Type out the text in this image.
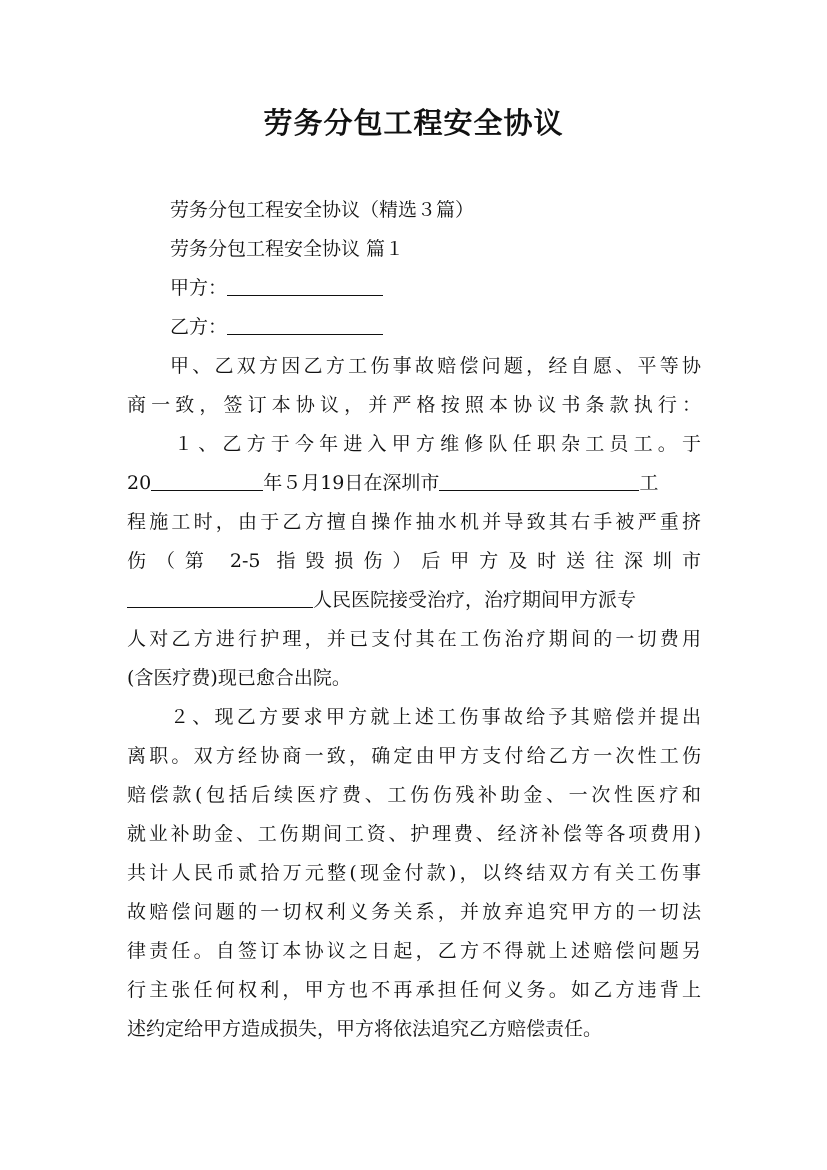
劳务分包工程安全协议
劳务分包工程安全协议（精选３篇）
劳务分包工程安全协议 篇１
甲方：
乙方：
甲、乙双方因乙方工伤事故赔偿问题，经自愿、平等协
商一致，签订本协议，并严格按照本协议书条款执行：
１、乙方于今年进入甲方维修队任职杂工员工。于
20	年５月19日在深圳市	工
程施工时，由于乙方擅自操作抽水机并导致其右手被严重挤
伤（第 2-5 指毁损伤）后甲方及时送往深圳市
人民医院接受治疗，治疗期间甲方派专
人对乙方进行护理，并已支付其在工伤治疗期间的一切费用
(含医疗费)现已愈合出院。
２、现乙方要求甲方就上述工伤事故给予其赔偿并提出
离职。双方经协商一致，确定由甲方支付给乙方一次性工伤
赔偿款(包括后续医疗费、工伤伤残补助金、一次性医疗和
就业补助金、工伤期间工资、护理费、经济补偿等各项费用)
共计人民币贰拾万元整(现金付款)，以终结双方有关工伤事
故赔偿问题的一切权利义务关系，并放弃追究甲方的一切法
律责任。自签订本协议之日起，乙方不得就上述赔偿问题另
行主张任何权利，甲方也不再承担任何义务。如乙方违背上
述约定给甲方造成损失，甲方将依法追究乙方赔偿责任。
